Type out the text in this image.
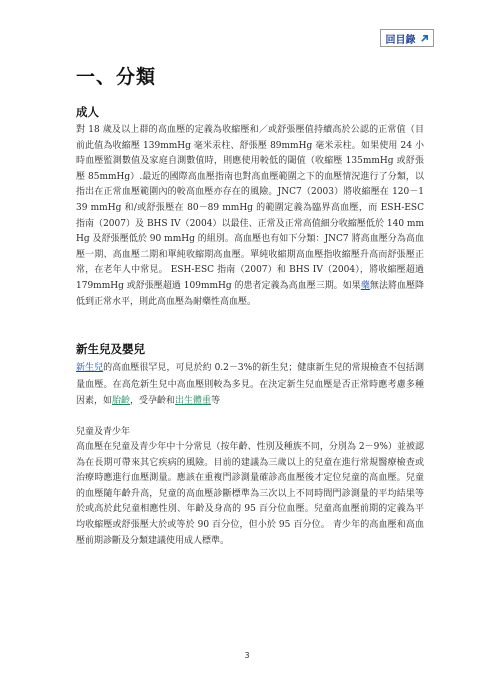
回目錄
一、分類
成人

對 18 歲及以上群的高血壓的定義為收縮壓和／或舒張壓值持續高於公認的正常值（目前此值為收縮壓 139mmHg 毫米汞柱、舒張壓 89mmHg 毫米汞柱。如果使用 24 小時血壓監測數值及家庭自測數值時，則應使用較低的閾值（收縮壓 135mmHg 或舒張壓 85mmHg）.最近的國際高血壓指南也對高血壓範圍之下的血壓情況進行了分類，以指出在正常血壓範圍內的較高血壓亦存在的風險。JNC7（2003）將收縮壓在 120－139 mmHg 和/或舒張壓在 80－89 mmHg 的範圍定義為臨界高血壓，而 ESH-ESC 指南（2007）及 BHS IV（2004）以最佳、正常及正常高值細分收縮壓低於 140 mmHg 及舒張壓低於 90 mmHg 的組別。高血壓也有如下分類：JNC7 將高血壓分為高血壓一期、高血壓二期和單純收縮期高血壓。單純收縮期高血壓指收縮壓升高而舒張壓正常，在老年人中常見。 ESH-ESC 指南（2007）和 BHS IV（2004），將收縮壓超過 179mmHg 或舒張壓超過 109mmHg 的患者定義為高血壓三期。如果藥無法將血壓降低到正常水平，則此高血壓為耐藥性高血壓。

新生兒及嬰兒

新生兒的高血壓很罕見，可見於約 0.2－3%的新生兒；健康新生兒的常規檢查不包括測量血壓。在高危新生兒中高血壓則較為多見。在決定新生兒血壓是否正常時應考慮多種因素，如胎齡，受孕齡和出生體重等

兒童及青少年

高血壓在兒童及青少年中十分常見（按年齡、性別及種族不同，分別為 2－9%）並被認為在長期可帶來其它疾病的風險。目前的建議為三歲以上的兒童在進行常規醫療檢查或治療時應進行血壓測量。應該在重複門診測量確診高血壓後才定位兒童的高血壓。兒童的血壓隨年齡升高，兒童的高血壓診斷標準為三次以上不同時間門診測量的平均結果等於或高於此兒童相應性別、年齡及身高的 95 百分位血壓。兒童高血壓前期的定義為平均收縮壓或舒張壓大於或等於 90 百分位，但小於 95 百分位。 青少年的高血壓和高血壓前期診斷及分類建議使用成人標準。

3
